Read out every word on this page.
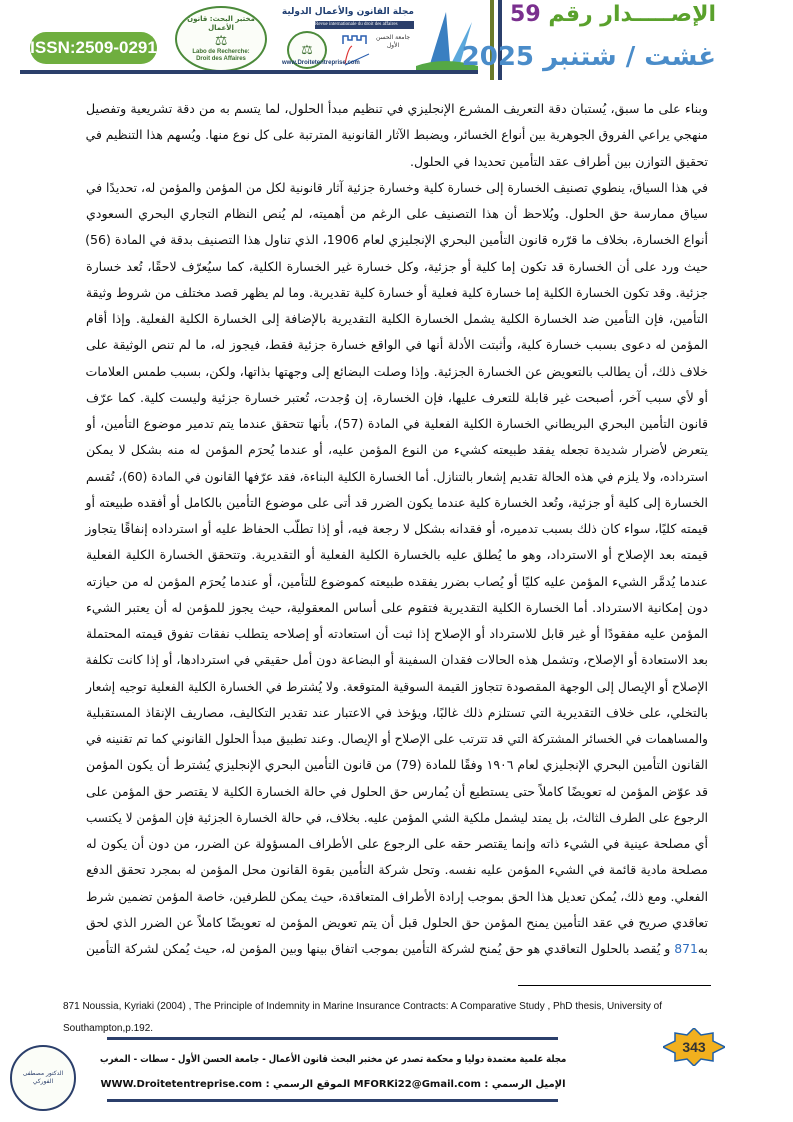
ISSN:2509-0291
مختبر البحث: قانون الأعمال
⚖
Labo de Recherche: Droit des Affaires
مجلة القانون والأعمال الدولية
Revue internationale du droit des affaires
⚖
جامعة الحسن الأول
www.Droitetentreprise.com
الإصـــــدار رقم 59
غشت / شتنبر 2025
وبناء على ما سبق، يُستبان دقة التعريف المشرع الإنجليزي في تنظيم مبدأ الحلول، لما يتسم به من دقة تشريعية وتفصيل
منهجي يراعي الفروق الجوهرية بين أنواع الخسائر، ويضبط الآثار القانونية المترتبة على كل نوع منها. ويُسهم هذا التنظيم في
تحقيق التوازن بين أطراف عقد التأمين تحديدا في الحلول.
في هذا السياق، ينطوي تصنيف الخسارة إلى خسارة كلية وخسارة جزئية آثار قانونية لكل من المؤمن والمؤمن له، تحديدًا في
سياق ممارسة حق الحلول. ويُلاحظ أن هذا التصنيف على الرغم من أهميته، لم يُنص النظام التجاري البحري السعودي
أنواع الخسارة، بخلاف ما قرّره قانون التأمين البحري الإنجليزي لعام 1906، الذي تناول هذا التصنيف بدقة في المادة (56)
حيث ورد على أن الخسارة قد تكون إما كلية أو جزئية، وكل خسارة غير الخسارة الكلية، كما سيُعرّف لاحقًا، تُعد خسارة
جزئية. وقد تكون الخسارة الكلية إما خسارة كلية فعلية أو خسارة كلية تقديرية. وما لم يظهر قصد مختلف من شروط وثيقة
التأمين، فإن التأمين ضد الخسارة الكلية يشمل الخسارة الكلية التقديرية بالإضافة إلى الخسارة الكلية الفعلية. وإذا أقام
المؤمن له دعوى بسبب خسارة كلية، وأثبتت الأدلة أنها في الواقع خسارة جزئية فقط، فيجوز له، ما لم تنص الوثيقة على
خلاف ذلك، أن يطالب بالتعويض عن الخسارة الجزئية. وإذا وصلت البضائع إلى وجهتها بذاتها، ولكن، بسبب طمس العلامات
أو لأي سبب آخر، أصبحت غير قابلة للتعرف عليها، فإن الخسارة، إن وُجدت، تُعتبر خسارة جزئية وليست كلية. كما عرّف
قانون التأمين البحري البريطاني الخسارة الكلية الفعلية في المادة (57)، بأنها تتحقق عندما يتم تدمير موضوع التأمين، أو
يتعرض لأضرار شديدة تجعله يفقد طبيعته كشيء من النوع المؤمن عليه، أو عندما يُحرَم المؤمن له منه بشكل لا يمكن
استرداده، ولا يلزم في هذه الحالة تقديم إشعار بالتنازل. أما الخسارة الكلية البناءة، فقد عرّفها القانون في المادة (60)، تُقسم
الخسارة إلى كلية أو جزئية، وتُعد الخسارة كلية عندما يكون الضرر قد أتى على موضوع التأمين بالكامل أو أفقده طبيعته أو
قيمته كليًا، سواء كان ذلك بسبب تدميره، أو فقدانه بشكل لا رجعة فيه، أو إذا تطلّب الحفاظ عليه أو استرداده إنفاقًا يتجاوز
قيمته بعد الإصلاح أو الاسترداد، وهو ما يُطلق عليه بالخسارة الكلية الفعلية أو التقديرية. وتتحقق الخسارة الكلية الفعلية
عندما يُدمَّر الشيء المؤمن عليه كليًا أو يُصاب بضرر يفقده طبيعته كموضوع للتأمين، أو عندما يُحرَم المؤمن له من حيازته
دون إمكانية الاسترداد. أما الخسارة الكلية التقديرية فتقوم على أساس المعقولية، حيث يجوز للمؤمن له أن يعتبر الشيء
المؤمن عليه مفقودًا أو غير قابل للاسترداد أو الإصلاح إذا ثبت أن استعادته أو إصلاحه يتطلب نفقات تفوق قيمته المحتملة
بعد الاستعادة أو الإصلاح، وتشمل هذه الحالات فقدان السفينة أو البضاعة دون أمل حقيقي في استردادها، أو إذا كانت تكلفة
الإصلاح أو الإيصال إلى الوجهة المقصودة تتجاوز القيمة السوقية المتوقعة. ولا يُشترط في الخسارة الكلية الفعلية توجيه إشعار
بالتخلي، على خلاف التقديرية التي تستلزم ذلك غالبًا، ويؤخذ في الاعتبار عند تقدير التكاليف، مصاريف الإنقاذ المستقبلية
والمساهمات في الخسائر المشتركة التي قد تترتب على الإصلاح أو الإيصال. وعند تطبيق مبدأ الحلول القانوني كما تم تقنينه في
القانون التأمين البحري الإنجليزي لعام ١٩٠٦ وفقًا للمادة (79) من قانون التأمين البحري الإنجليزي يُشترط أن يكون المؤمن
قد عوّض المؤمن له تعويضًا كاملاً حتى يستطيع أن يُمارس حق الحلول في حالة الخسارة الكلية لا يقتصر حق المؤمن على
الرجوع على الطرف الثالث، بل يمتد ليشمل ملكية الشي المؤمن عليه. بخلاف، في حالة الخسارة الجزئية فإن المؤمن لا يكتسب
أي مصلحة عينية في الشيء ذاته وإنما يقتصر حقه على الرجوع على الأطراف المسؤولة عن الضرر، من دون أن يكون له
مصلحة مادية قائمة في الشيء المؤمن عليه نفسه. وتحل شركة التأمين بقوة القانون محل المؤمن له بمجرد تحقق الدفع
الفعلي. ومع ذلك، يُمكن تعديل هذا الحق بموجب إرادة الأطراف المتعاقدة، حيث يمكن للطرفين، خاصة المؤمن تضمين شرط
تعاقدي صريح في عقد التأمين يمنح المؤمن حق الحلول قبل أن يتم تعويض المؤمن له تعويضًا كاملاً عن الضرر الذي لحق
به871 و يُقصد بالحلول التعاقدي هو حق يُمنح لشركة التأمين بموجب اتفاق بينها وبين المؤمن له، حيث يُمكن لشركة التأمين
871 Noussia, Kyriaki (2004) , The Principle of Indemnity in Marine Insurance Contracts: A Comparative Study , PhD thesis, University of
Southampton,p.192.
مجلة علمية معتمدة دوليا و محكمة تصدر عن مختبر البحث قانون الأعمال - جامعة الحسن الأول - سطات - المغرب
الإميل الرسمي : MFORKi22@Gmail.com الموقع الرسمي : WWW.Droitetentreprise.com
343
الدكتور مصطفى الفوركي
